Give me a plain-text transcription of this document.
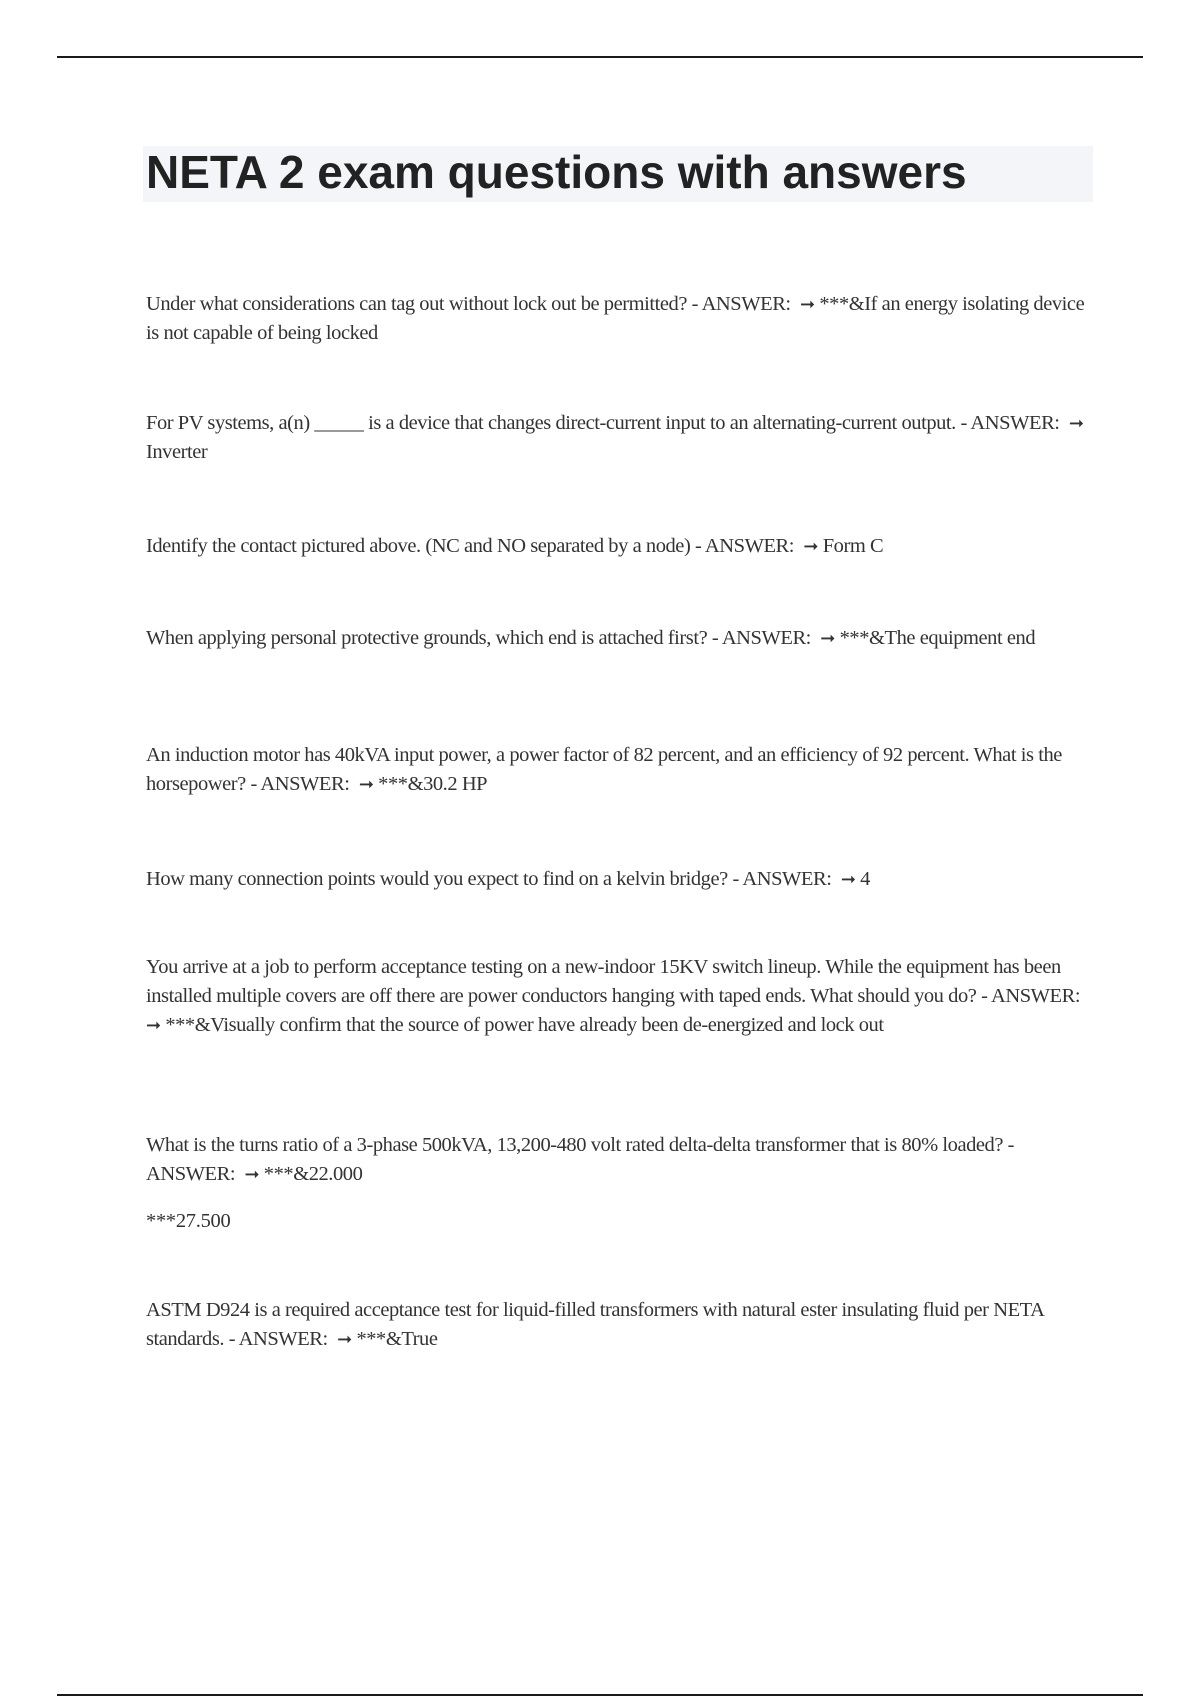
NETA 2 exam questions with answers

Under what considerations can tag out without lock out be permitted? - ANSWER: ➞ ***&If an energy isolating device is not capable of being locked

For PV systems, a(n) _____ is a device that changes direct-current input to an alternating-current output. - ANSWER: ➞ Inverter

Identify the contact pictured above. (NC and NO separated by a node) - ANSWER: ➞ Form C

When applying personal protective grounds, which end is attached first? - ANSWER: ➞ ***&The equipment end

An induction motor has 40kVA input power, a power factor of 82 percent, and an efficiency of 92 percent. What is the horsepower? - ANSWER: ➞ ***&30.2 HP

How many connection points would you expect to find on a kelvin bridge? - ANSWER: ➞ 4

You arrive at a job to perform acceptance testing on a new-indoor 15KV switch lineup. While the equipment has been installed multiple covers are off there are power conductors hanging with taped ends. What should you do? - ANSWER:  ➞ ***&Visually confirm that the source of power have already been de-energized and lock out

What is the turns ratio of a 3-phase 500kVA, 13,200-480 volt rated delta-delta transformer that is 80% loaded? - ANSWER: ➞ ***&22.000

***27.500

ASTM D924 is a required acceptance test for liquid-filled transformers with natural ester insulating fluid per NETA standards. - ANSWER: ➞ ***&True
